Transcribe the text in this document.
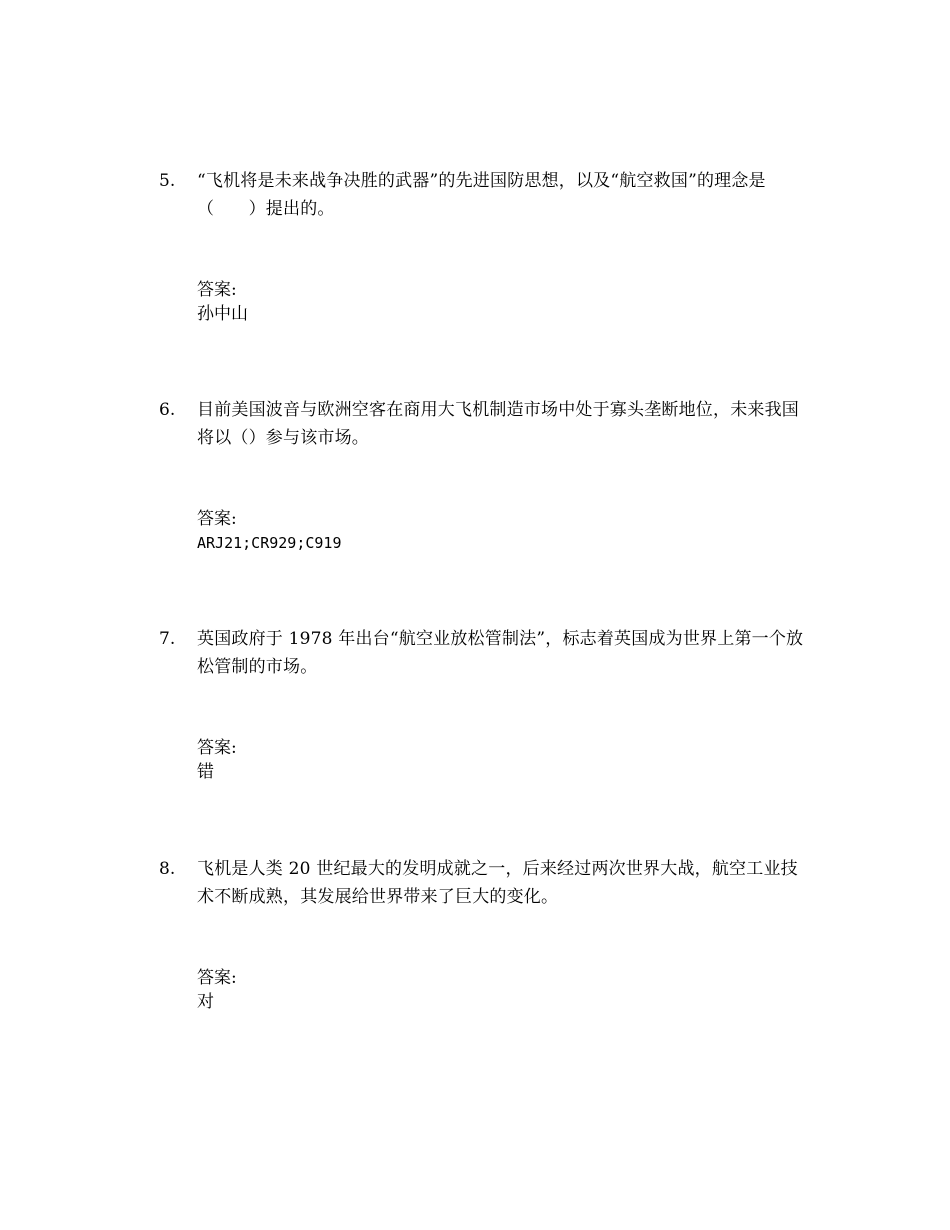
5. “飞机将是未来战争决胜的武器”的先进国防思想，以及“航空救国”的理念是（　　）提出的。
答案:
孙中山
6. 目前美国波音与欧洲空客在商用大飞机制造市场中处于寡头垄断地位，未来我国将以（）参与该市场。
答案:
ARJ21;CR929;C919
7. 英国政府于 1978 年出台“航空业放松管制法”，标志着英国成为世界上第一个放松管制的市场。
答案:
错
8. 飞机是人类 20 世纪最大的发明成就之一，后来经过两次世界大战，航空工业技术不断成熟，其发展给世界带来了巨大的变化。
答案:
对
